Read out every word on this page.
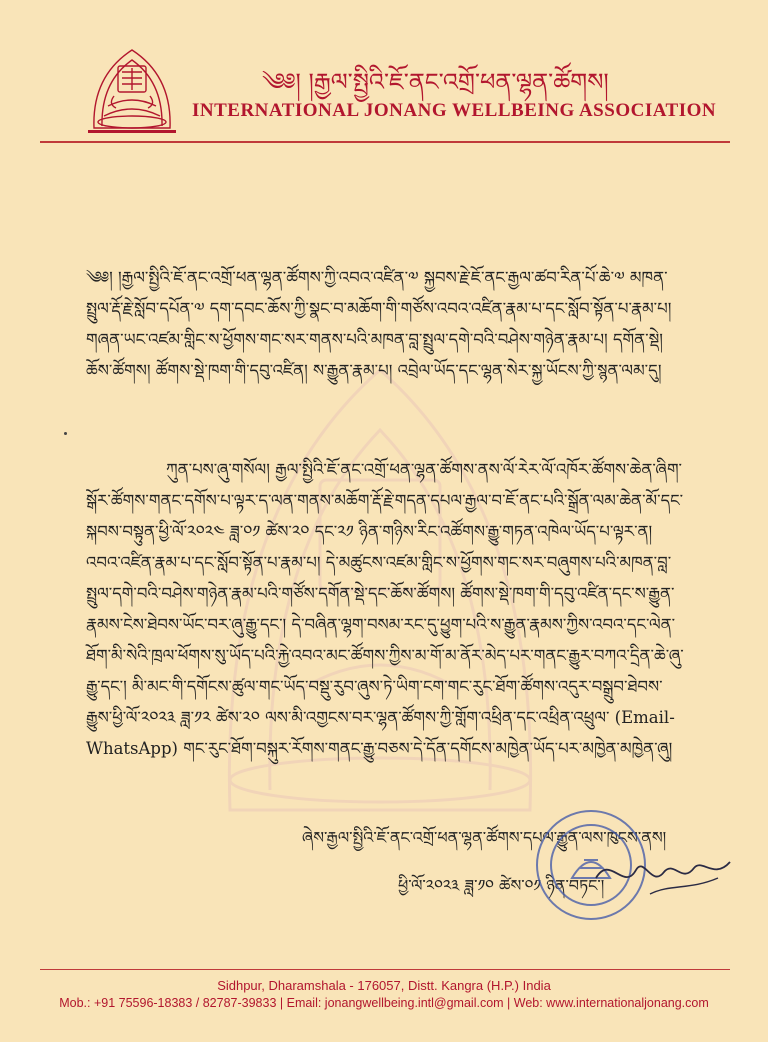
༄༅། །རྒྱལ་སྤྱིའི་ཇོ་ནང་འགྲོ་ཕན་ལྷན་ཚོགས།
INTERNATIONAL JONANG WELLBEING ASSOCIATION
༄༅། །རྒྱལ་སྤྱིའི་ཇོ་ནང་འགྲོ་ཕན་ལྷན་ཚོགས་ཀྱི་འབའ་འཛིན་༧ སྐྱབས་རྗེ་ཇོ་ནང་རྒྱལ་ཚབ་རིན་པོ་ཆེ་༧ མཁན་སྤྲུལ་རྡོ་རྗེ་སློབ་དཔོན་༧ དག་དབང་ཆོས་ཀྱི་སྣང་བ་མཆོག་གི་གཙོས་འབའ་འཛིན་རྣམ་པ་དང་སློབ་སྟོན་པ་རྣམ་པ། གཞན་ཡང་འཛམ་གླིང་ས་ཕྱོགས་གང་སར་གནས་པའི་མཁན་བླ་སྤྲུལ་དགེ་བའི་བཤེས་གཉེན་རྣམ་པ། དགོན་སྡེ། ཆོས་ཚོགས། ཚོགས་སྡེ་ཁག་གི་དབུ་འཛིན། ས་རྒྱུན་རྣམ་པ། འབྲེལ་ཡོད་དང་ལྷན་སེར་སྐྱ་ཡོངས་ཀྱི་སྙན་ལམ་དུ།
ཀུན་པས་ཞུ་གསོལ། རྒྱལ་སྤྱིའི་ཇོ་ནང་འགྲོ་ཕན་ལྷན་ཚོགས་ནས་ལོ་རེར་ལོ་འཁོར་ཚོགས་ཆེན་ཞིག་སྒོར་ཚོགས་གནང་དགོས་པ་ལྟར་ད་ལན་གནས་མཆོག་རྡོ་རྗེ་གདན་དཔལ་རྒྱལ་བ་ཇོ་ནང་པའི་སྒྲོན་ལམ་ཆེན་མོ་དང་སྐབས་བསྟུན་ཕྱི་ལོ་༢༠༢༤ ཟླ་༠༡ ཚེས་༢༠ དང་༢༡ ཉིན་གཉིས་རིང་འཚོགས་རྒྱུ་གཏན་འཁེལ་ཡོད་པ་ལྟར་ན། འབའ་འཛིན་རྣམ་པ་དང་སློབ་སྟོན་པ་རྣམ་པ། དེ་མཚུངས་འཛམ་གླིང་ས་ཕྱོགས་གང་སར་བཞུགས་པའི་མཁན་བླ་སྤྲུལ་དགེ་བའི་བཤེས་གཉེན་རྣམ་པའི་གཙོས་དགོན་སྡེ་དང་ཆོས་ཚོགས། ཚོགས་སྡེ་ཁག་གི་དབུ་འཛིན་དང་ས་རྒྱུན་རྣམས་ངེས་ཐེབས་ཡོང་བར་ཞུ་རྒྱུ་དང་། དེ་བཞིན་ལྷག་བསམ་རང་དུ་ཕྱུག་པའི་ས་རྒྱུན་རྣམས་ཀྱིས་འབའ་དང་ལེན་ཐོག་མི་སེའི་ཁྲལ་ཕོགས་སུ་ཡོད་པའི་རྐྱེ་འབའ་མང་ཚོགས་ཀྱིས་མ་གོ་མ་ནོར་མེད་པར་གནང་རྒྱུར་བཀའ་དྲིན་ཆེ་ཞུ་རྒྱུ་དང་། མི་མང་གི་དགོངས་ཚུལ་གང་ཡོད་བསྡུ་རུབ་ཞུས་ཏེ་ཡིག་ངག་གང་རུང་ཐོག་ཚོགས་འདུར་བསྒྲུབ་ཐེབས་རྒྱུས་ཕྱི་ལོ་༢༠༢༣ ཟླ་༡༢ ཚེས་༢༠ ལས་མི་འགྱངས་བར་ལྷན་ཚོགས་ཀྱི་གློག་འཕྲིན་དང་འཕྲིན་འཕྲུལ་ (Email- WhatsApp) གང་རུང་ཐོག་བསྐུར་རོགས་གནང་རྒྱུ་བཅས་དེ་དོན་དགོངས་མཁྱེན་ཡོད་པར་མཁྱེན་མཁྱེན་ཞུ།
ཞེས་རྒྱལ་སྤྱིའི་ཇོ་ནང་འགྲོ་ཕན་ལྷན་ཚོགས་དཔལ་རྒྱུན་ལས་ཁུངས་ནས།
ཕྱི་ལོ་༢༠༢༣ ཟླ་༡༠ ཚེས་༠༡ ཉིན་བཏང་།
Sidhpur, Dharamshala - 176057, Distt. Kangra (H.P.) India
Mob.: +91 75596-18383 / 82787-39833 | Email: jonangwellbeing.intl@gmail.com | Web: www.internationaljonang.com
